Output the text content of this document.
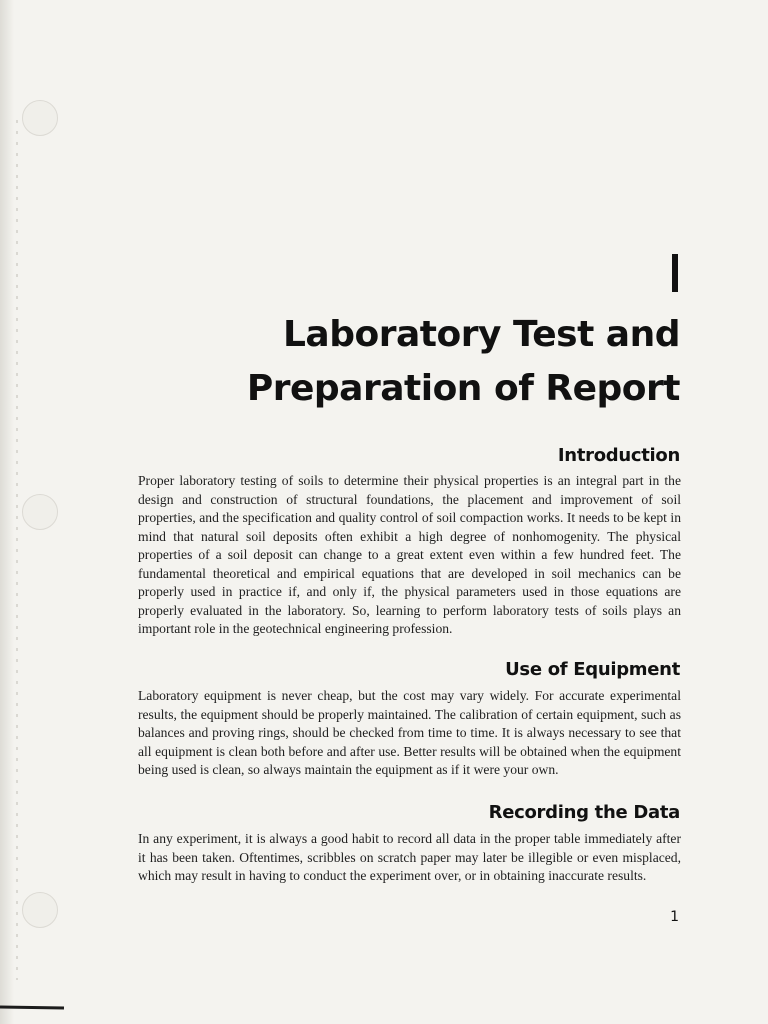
Laboratory Test and
Preparation of Report
Introduction
Proper laboratory testing of soils to determine their physical properties is an integral part in the design and construction of structural foundations, the placement and improvement of soil properties, and the specification and quality control of soil compaction works. It needs to be kept in mind that natural soil deposits often exhibit a high degree of nonhomogenity. The physical properties of a soil deposit can change to a great extent even within a few hundred feet. The fundamental theoretical and empirical equations that are developed in soil mechanics can be properly used in practice if, and only if, the physical parameters used in those equations are properly evaluated in the laboratory. So, learning to perform laboratory tests of soils plays an important role in the geotechnical engineering profession.
Use of Equipment
Laboratory equipment is never cheap, but the cost may vary widely. For accurate experimental results, the equipment should be properly maintained. The calibration of certain equipment, such as balances and proving rings, should be checked from time to time. It is always necessary to see that all equipment is clean both before and after use. Better results will be obtained when the equipment being used is clean, so always maintain the equipment as if it were your own.
Recording the Data
In any experiment, it is always a good habit to record all data in the proper table immediately after it has been taken. Oftentimes, scribbles on scratch paper may later be illegible or even misplaced, which may result in having to conduct the experiment over, or in obtaining inaccurate results.
1
